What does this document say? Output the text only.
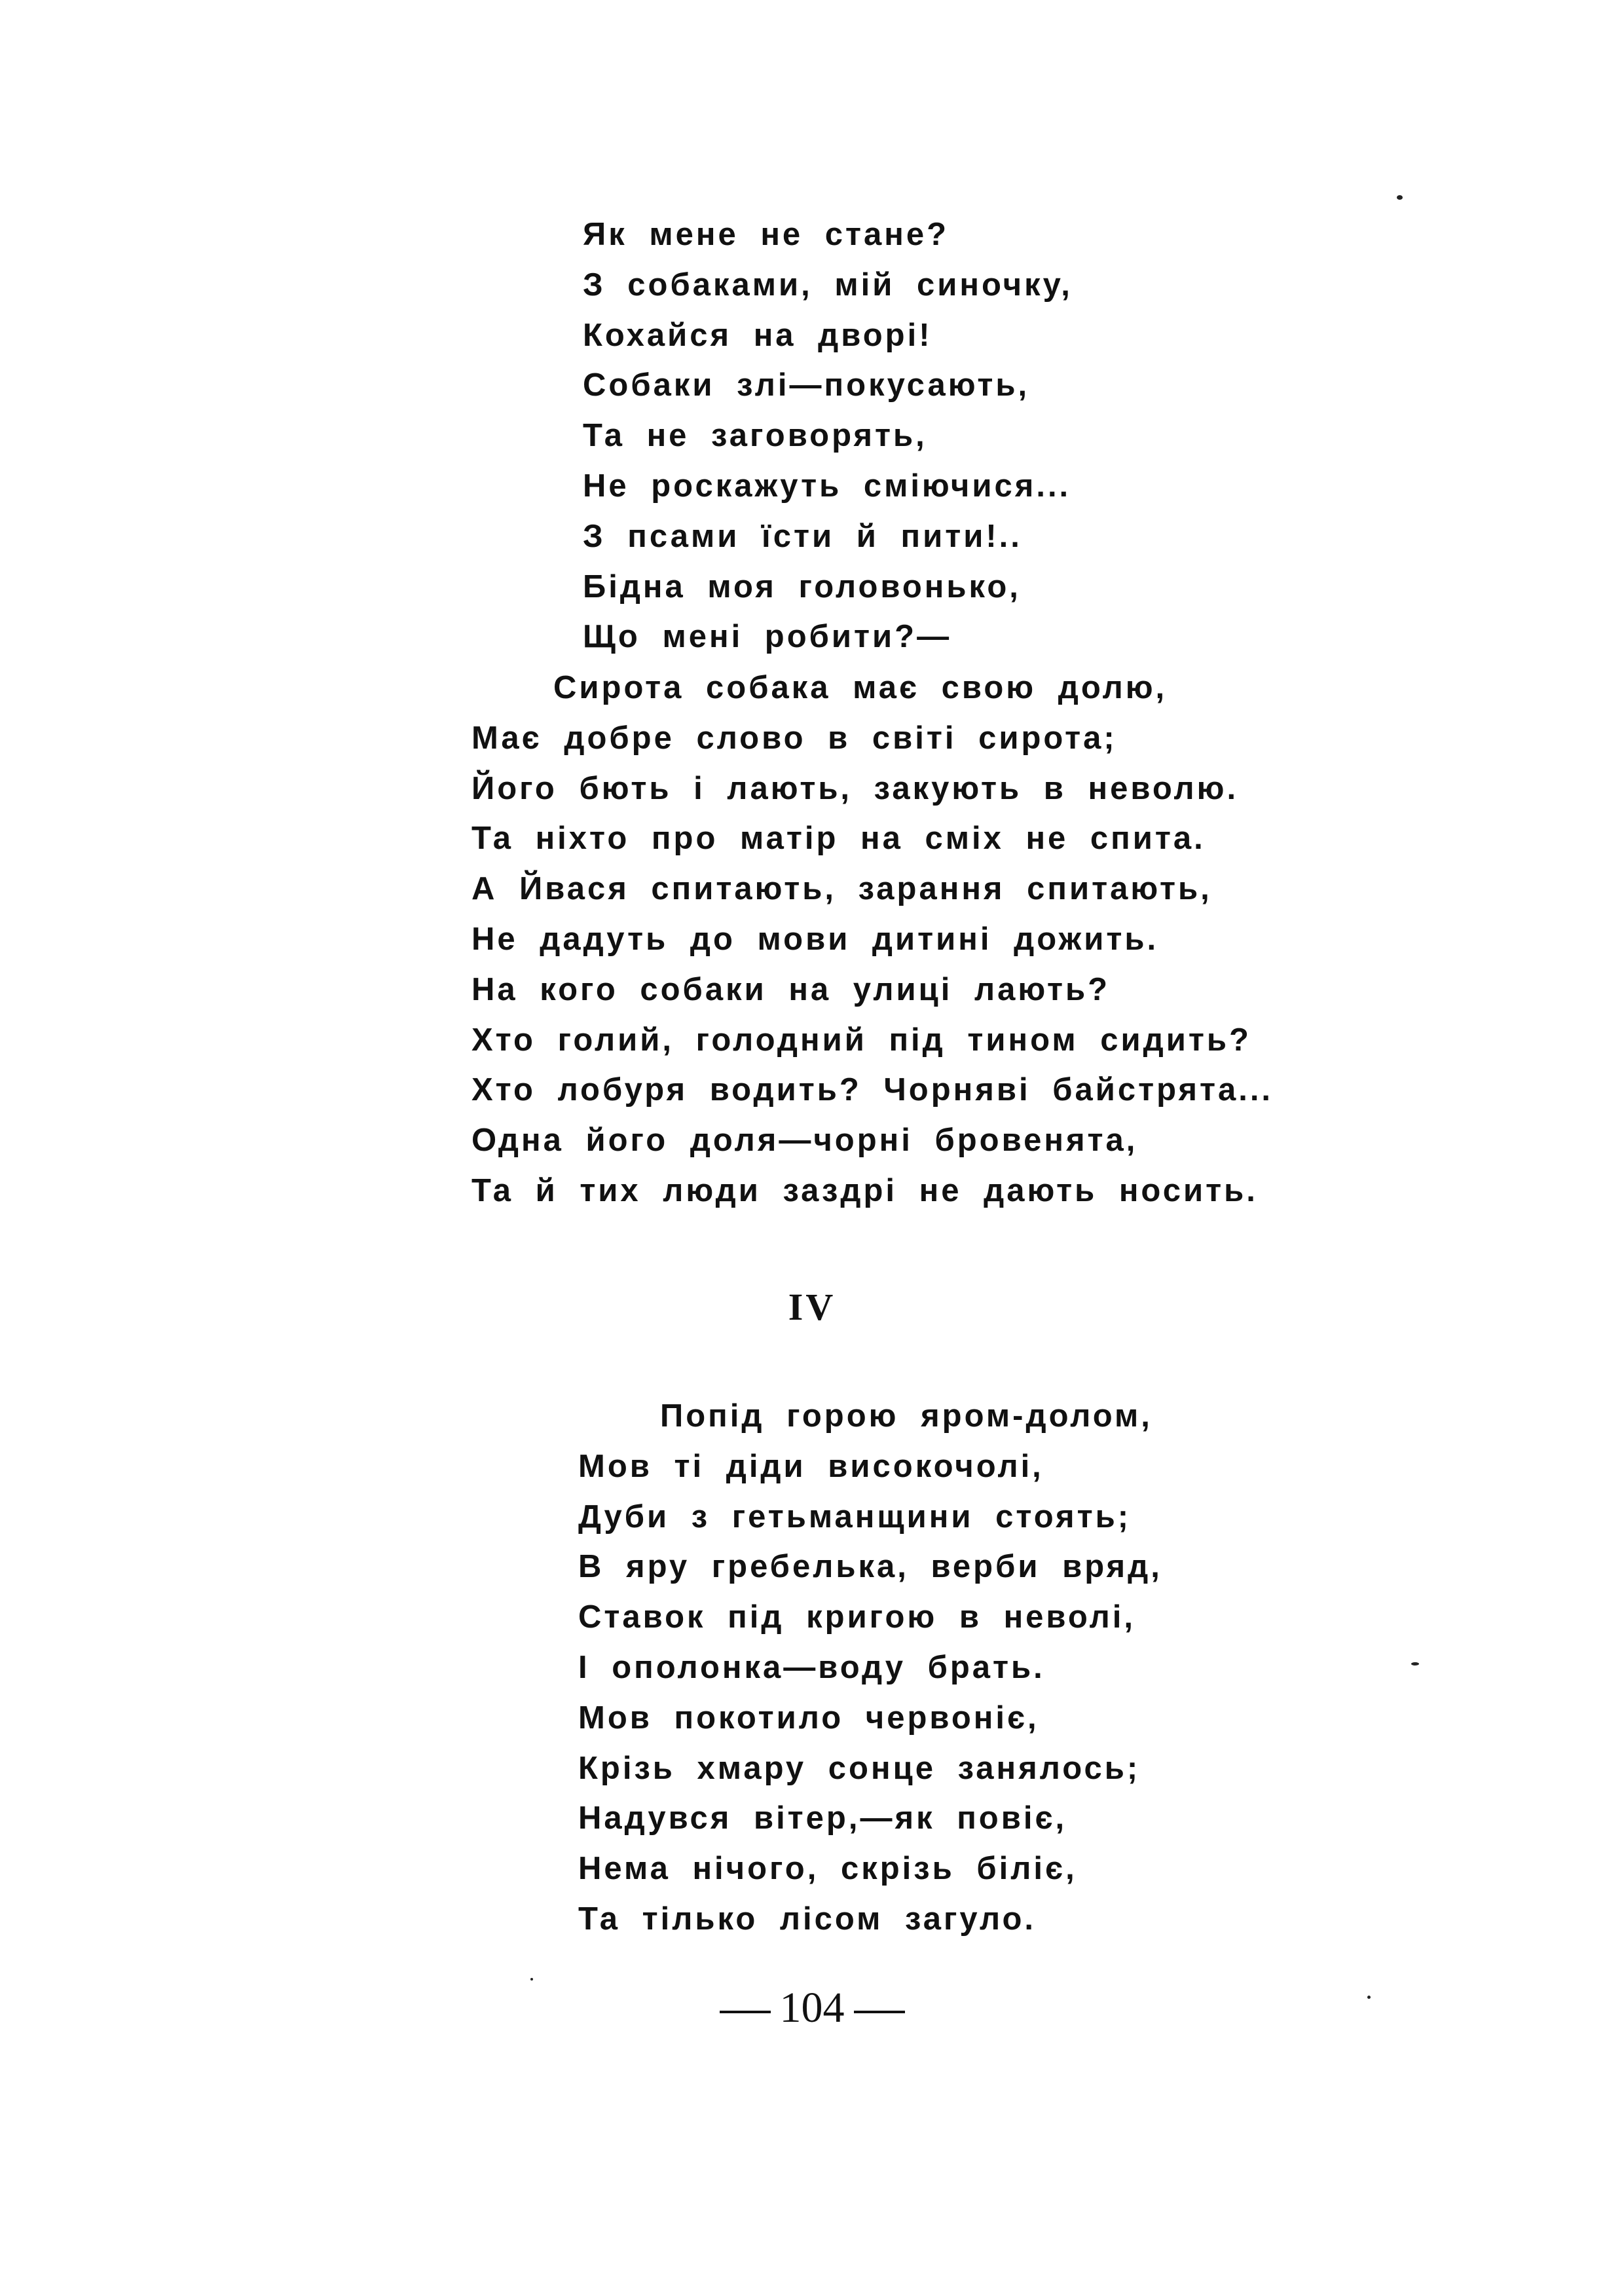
Як мене не стане?
З собаками, мій синочку,
Кохайся на дворі!
Собаки злі—покусають,
Та не заговорять,
Не роскажуть сміючися...
З псами їсти й пити!..
Бідна моя головонько,
Що мені робити?—
Сирота собака має свою долю,
Має добре слово в світі сирота;
Його бють і лають, закують в неволю.
Та ніхто про матір на сміх не спита.
А Йвася спитають, зарання спитають,
Не дадуть до мови дитині дожить.
На кого собаки на улиці лають?
Хто голий, голодний під тином сидить?
Хто лобуря водить? Чорняві байстрята...
Одна його доля—чорні бровенята,
Та й тих люди заздрі не дають носить.
IV
Попід горою яром-долом,
Мов ті діди високочолі,
Дуби з гетьманщини стоять;
В яру гребелька, верби вряд,
Ставок під кригою в неволі,
І ополонка—воду брать.
Мов покотило червоніє,
Крізь хмару сонце занялось;
Надувся вітер,—як повіє,
Нема нічого, скрізь біліє,
Та тілько лісом загуло.
104
